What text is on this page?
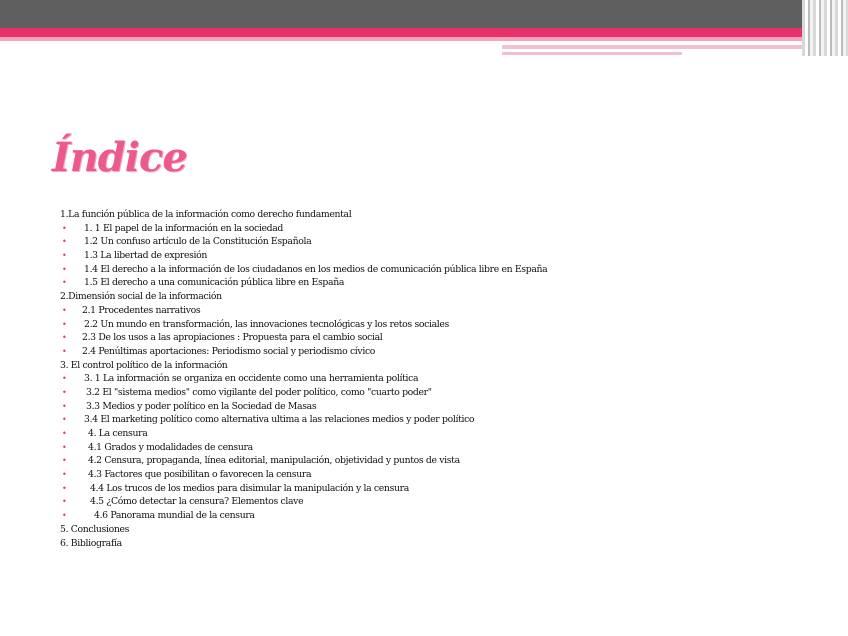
Índice
1.La función pública de la información como derecho fundamental
• 1. 1 El papel de la información en la sociedad
• 1.2 Un confuso artículo de la Constitución Española
• 1.3 La libertad de expresión
• 1.4 El derecho a la información de los ciudadanos en los medios de comunicación pública libre en España
• 1.5 El derecho a una comunicación pública libre en España
2.Dimensión social de la información
• 2.1 Procedentes narrativos
• 2.2 Un mundo en transformación, las innovaciones tecnológicas y los retos sociales
• 2.3 De los usos a las apropiaciones : Propuesta para el cambio social
• 2.4 Penúltimas aportaciones: Periodismo social y periodismo cívico
3. El control político de la información
• 3. 1 La información se organiza en occidente como una herramienta política
• 3.2 El "sistema medios" como vigilante del poder político, como "cuarto poder"
• 3.3 Medios y poder político en la Sociedad de Masas
• 3.4 El marketing político como alternativa ultima a las relaciones medios y poder político
• 4. La censura
• 4.1 Grados y modalidades de censura
• 4.2 Censura, propaganda, línea editorial, manipulación, objetividad y puntos de vista
• 4.3 Factores que posibilitan o favorecen la censura
•	4.4 Los trucos de los medios para disimular la manipulación y la censura
•	4.5 ¿Cómo detectar la censura? Elementos clave
•	4.6 Panorama mundial de la censura
5. Conclusiones
6. Bibliografía
